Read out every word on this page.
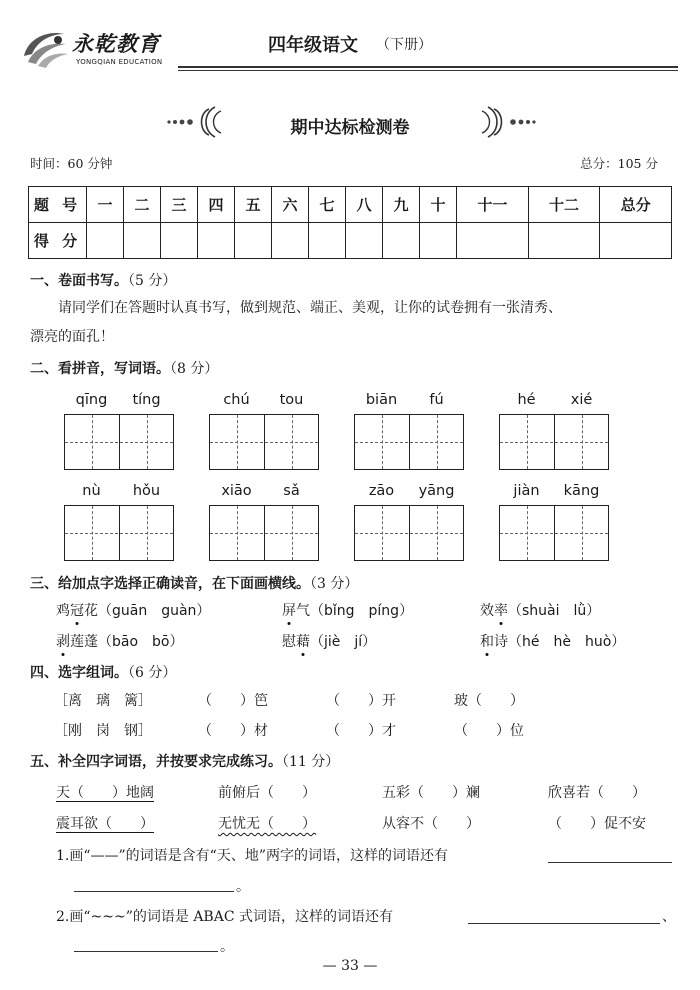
永乾教育
YONGQIAN EDUCATION
四年级语文 （下册）
期中达标检测卷
时间：60 分钟	总分：105 分
题 号	一	二	三	四	五	六	七	八	九	十	十一	十二	总分
得 分													
一、卷面书写。（5 分）
请同学们在答题时认真书写，做到规范、端正、美观，让你的试卷拥有一张清秀、
漂亮的面孔！
二、看拼音，写词语。（8 分）
qīng	tíng	chú	tou	biān	fú	hé	xié
nù	hǒu	xiāo	sǎ	zāo	yāng	jiàn	kāng
三、给加点字选择正确读音，在下面画横线。（3 分）
鸡冠花（guān　guàn）	屏气（bǐng　píng）	效率（shuài　lǜ）
剥莲蓬（bāo　bō）	慰藉（jiè　jí）	和诗（hé　hè　huò）
四、选字组词。（6 分）
［离　璃　篱］	（　　）笆	（　　）开	玻（　　）
［刚　岗　钢］	（　　）材	（　　）才	（　　）位
五、补全四字词语，并按要求完成练习。（11 分）
天（　　）地阔	前俯后（　　）	五彩（　　）斓	欣喜若（　　）
震耳欲（　　）	无忧无（　　）	从容不（　　）	（　　）促不安
1.画“——”的词语是含有“天、地”两字的词语，这样的词语还有
。
2.画“~~~”的词语是 ABAC 式词语，这样的词语还有	、
。
— 33 —
